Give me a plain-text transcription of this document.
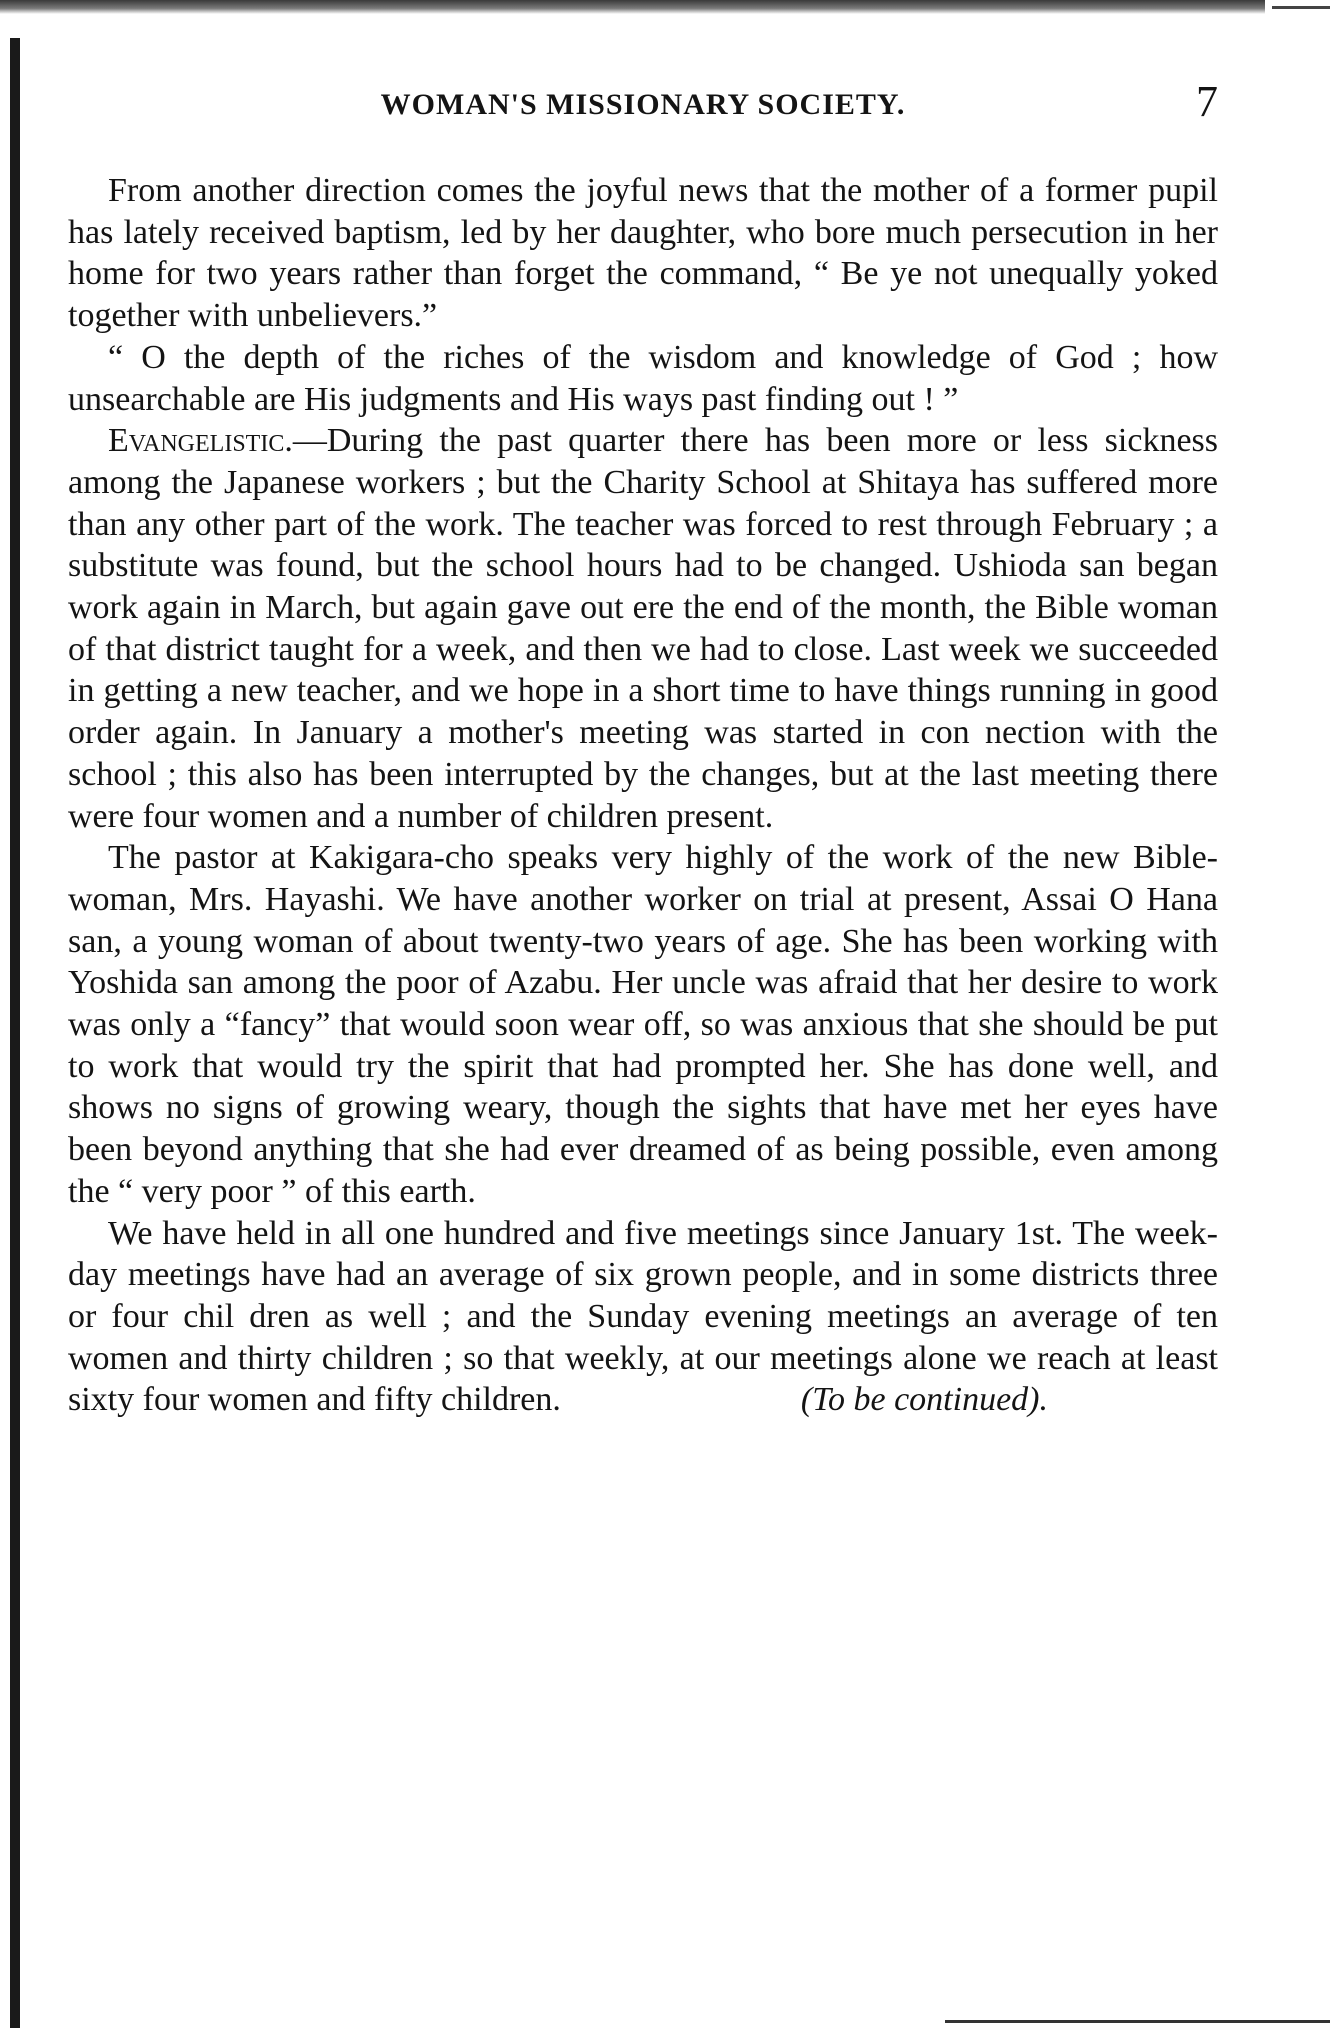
WOMAN'S MISSIONARY SOCIETY.	7

From another direction comes the joyful news that the mother of a former pupil has lately received baptism, led by her daughter, who bore much persecution in her home for two years rather than forget the command, “ Be ye not unequally yoked together with unbelievers.”

“ O the depth of the riches of the wisdom and knowledge of God ; how unsearchable are His judgments and His ways past finding out ! ”

Evangelistic.—During the past quarter there has been more or less sickness among the Japanese workers ; but the Charity School at Shitaya has suffered more than any other part of the work. The teacher was forced to rest through February ; a substitute was found, but the school hours had to be changed. Ushioda san began work again in March, but again gave out ere the end of the month, the Bible woman of that district taught for a week, and then we had to close. Last week we succeeded in getting a new teacher, and we hope in a short time to have things running in good order again. In January a mother's meeting was started in con nection with the school ; this also has been interrupted by the changes, but at the last meeting there were four women and a number of children present.

The pastor at Kakigara-cho speaks very highly of the work of the new Bible-woman, Mrs. Hayashi. We have another worker on trial at present, Assai O Hana san, a young woman of about twenty-two years of age. She has been working with Yoshida san among the poor of Azabu. Her uncle was afraid that her desire to work was only a “fancy” that would soon wear off, so was anxious that she should be put to work that would try the spirit that had prompted her. She has done well, and shows no signs of growing weary, though the sights that have met her eyes have been beyond anything that she had ever dreamed of as being possible, even among the “ very poor ” of this earth.

We have held in all one hundred and five meetings since January 1st. The week-day meetings have had an average of six grown people, and in some districts three or four chil dren as well ; and the Sunday evening meetings an average of ten women and thirty children ; so that weekly, at our meetings alone we reach at least sixty four women and fifty children.	(To be continued).
